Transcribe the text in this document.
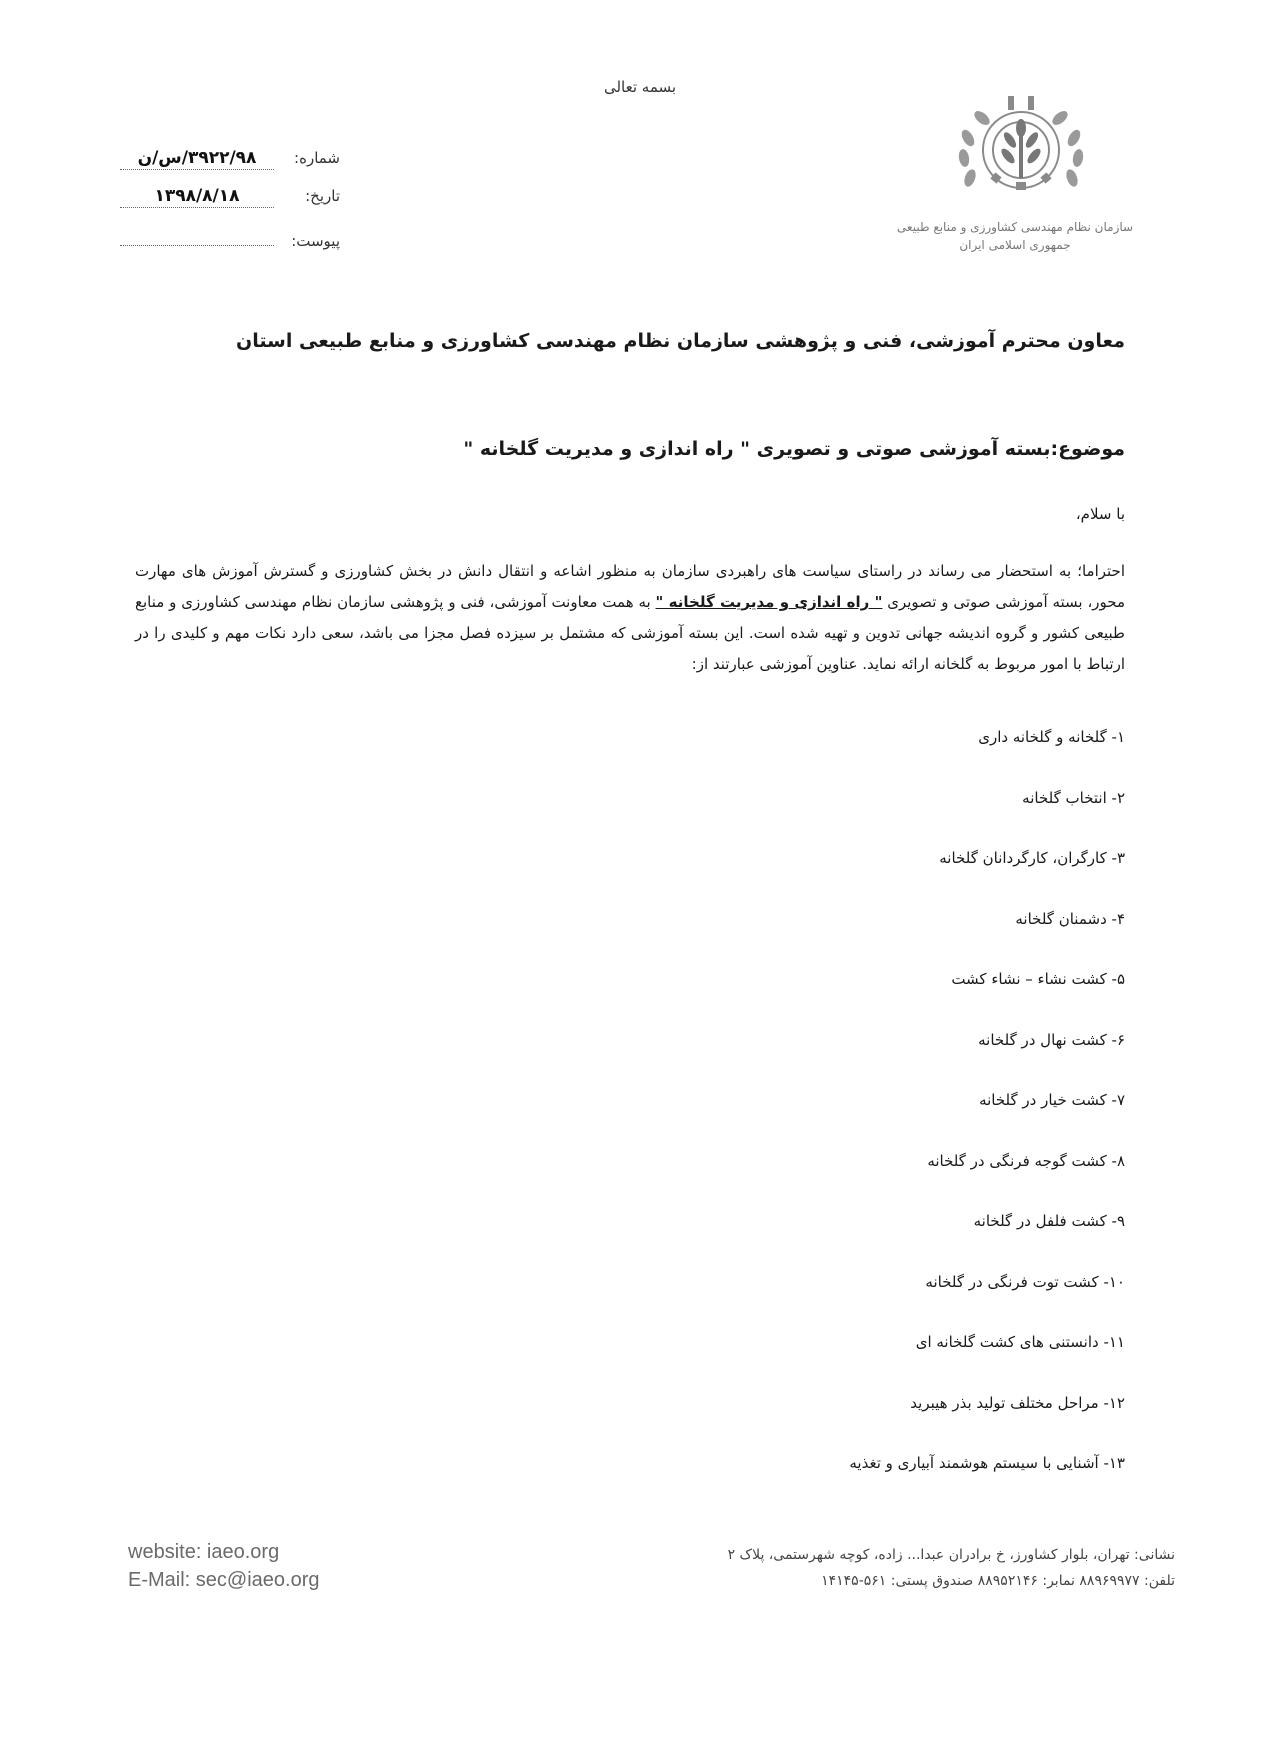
بسمه تعالی
سازمان نظام مهندسی کشاورزی و منابع طبیعی
جمهوری اسلامی ایران
شماره:
۳۹۲۲/۹۸/س/ن
تاریخ:
۱۳۹۸/۸/۱۸
پیوست:
معاون محترم آموزشی، فنی و پژوهشی سازمان نظام مهندسی کشاورزی و منابع طبیعی استان
موضوع:بسته آموزشی صوتی و تصویری " راه اندازی و مدیریت گلخانه "
با سلام،
احتراما؛ به استحضار می رساند در راستای سیاست های راهبردی سازمان به منظور اشاعه و انتقال دانش در بخش کشاورزی و گسترش آموزش های مهارت محور، بسته آموزشی صوتی و تصویری " راه اندازی و مدیریت گلخانه " به همت معاونت آموزشی، فنی و پژوهشی سازمان نظام مهندسی کشاورزی و منابع طبیعی کشور و گروه اندیشه جهانی تدوین و تهیه شده است. این بسته آموزشی که مشتمل بر سیزده فصل مجزا می باشد، سعی دارد نکات مهم و کلیدی را در ارتباط با امور مربوط به گلخانه ارائه نماید. عناوین آموزشی عبارتند از:
۱- گلخانه و گلخانه داری
۲- انتخاب گلخانه
۳- کارگران، کارگردانان گلخانه
۴- دشمنان گلخانه
۵- کشت نشاء – نشاء کشت
۶- کشت نهال در گلخانه
۷- کشت خیار در گلخانه
۸- کشت گوجه فرنگی در گلخانه
۹- کشت فلفل در گلخانه
۱۰- کشت توت فرنگی در گلخانه
۱۱- دانستنی های کشت گلخانه ای
۱۲- مراحل مختلف تولید بذر هیبرید
۱۳- آشنایی با سیستم هوشمند آبیاری و تغذیه
website: iaeo.org
E-Mail: sec@iaeo.org
نشانی: تهران، بلوار کشاورز، خ برادران عبدا... زاده، کوچه شهرستمی، پلاک ۲
تلفن: ۸۸۹۶۹۹۷۷ نمابر: ۸۸۹۵۲۱۴۶ صندوق پستی: ۵۶۱-۱۴۱۴۵
